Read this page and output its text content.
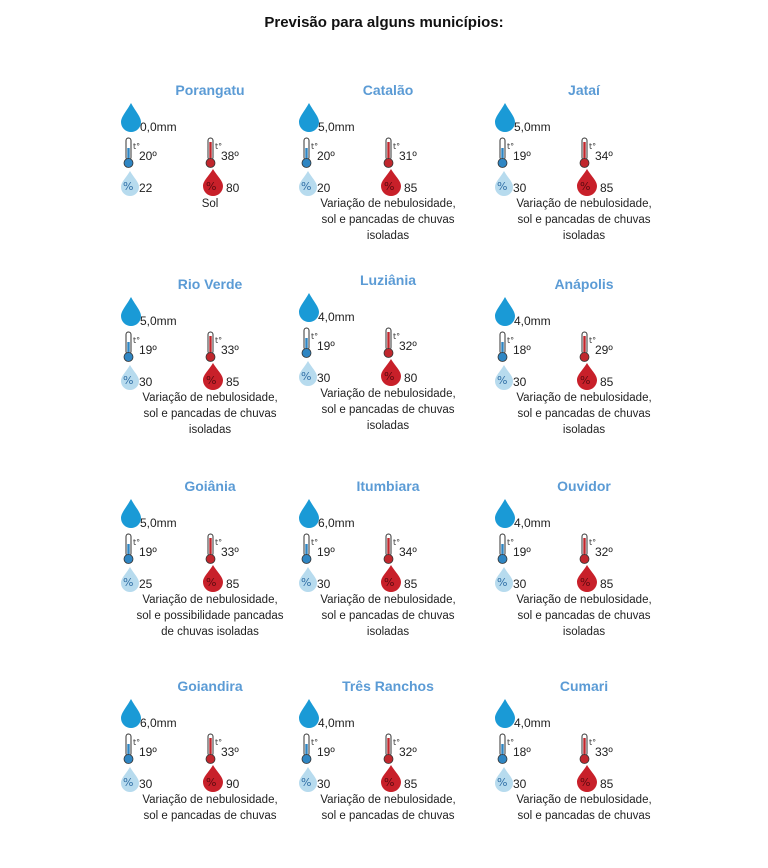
Previsão para alguns municípios:
Porangatu
0,0mm
t°
20º
t°
38º
% 22	% 80
Sol
Catalão
5,0mm
t°
20º
t°
31º
% 20	% 85
Variação de nebulosidade,
sol e pancadas de chuvas
isoladas
Jataí
5,0mm
t°
19º
t°
34º
% 30	% 85
Variação de nebulosidade,
sol e pancadas de chuvas
isoladas
Rio Verde
5,0mm
t°
19º
t°
33º
% 30	% 85
Variação de nebulosidade,
sol e pancadas de chuvas
isoladas
Luziânia
4,0mm
t°
19º
t°
32º
% 30	% 80
Variação de nebulosidade,
sol e pancadas de chuvas
isoladas
Anápolis
4,0mm
t°
18º
t°
29º
% 30	% 85
Variação de nebulosidade,
sol e pancadas de chuvas
isoladas
Goiânia
5,0mm
t°
19º
t°
33º
% 25	% 85
Variação de nebulosidade,
sol e possibilidade pancadas
de chuvas isoladas
Itumbiara
6,0mm
t°
19º
t°
34º
% 30	% 85
Variação de nebulosidade,
sol e pancadas de chuvas
isoladas
Ouvidor
4,0mm
t°
19º
t°
32º
% 30	% 85
Variação de nebulosidade,
sol e pancadas de chuvas
isoladas
Goiandira
6,0mm
t°
19º
t°
33º
% 30	% 90
Variação de nebulosidade,
sol e pancadas de chuvas
Três Ranchos
4,0mm
t°
19º
t°
32º
% 30	% 85
Variação de nebulosidade,
sol e pancadas de chuvas
Cumari
4,0mm
t°
18º
t°
33º
% 30	% 85
Variação de nebulosidade,
sol e pancadas de chuvas
